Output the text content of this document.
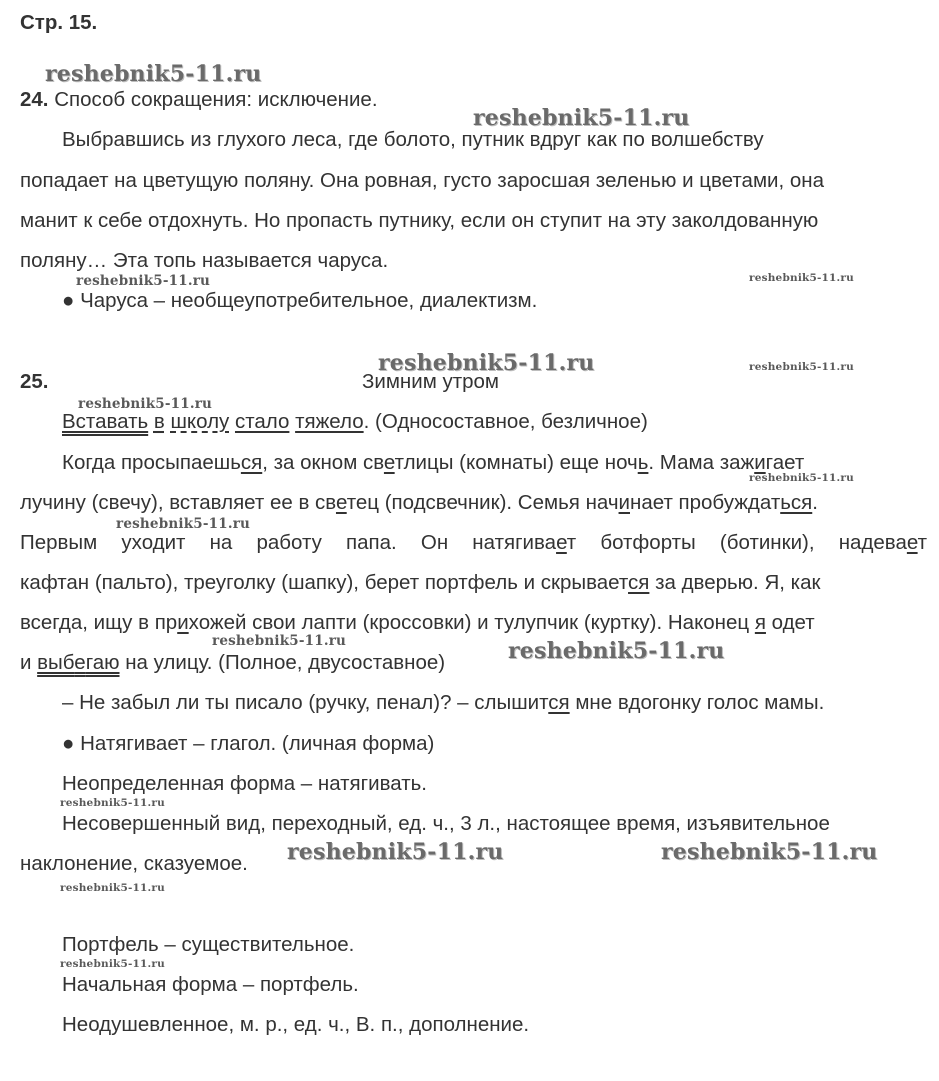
Стр. 15.
24. Способ сокращения: исключение.
Выбравшись из глухого леса, где болото, путник вдруг как по волшебству
попадает на цветущую поляну. Она ровная, густо заросшая зеленью и цветами, она
манит к себе отдохнуть. Но пропасть путнику, если он ступит на эту заколдованную
поляну… Эта топь называется чаруса.
● Чаруса – необщеупотребительное, диалектизм.
25.	Зимним утром
Вставать в школу стало тяжело. (Односоставное, безличное)
Когда просыпаешься, за окном светлицы (комнаты) еще ночь. Мама зажигает
лучину (свечу), вставляет ее в светец (подсвечник). Семья начинает пробуждаться.
Первым уходит на работу папа. Он натягивает ботфорты (ботинки), надевает
кафтан (пальто), треуголку (шапку), берет портфель и скрывается за дверью. Я, как
всегда, ищу в прихожей свои лапти (кроссовки) и тулупчик (куртку). Наконец я одет
и выбегаю на улицу. (Полное, двусоставное)
– Не забыл ли ты писало (ручку, пенал)? – слышится мне вдогонку голос мамы.
● Натягивает – глагол. (личная форма)
Неопределенная форма – натягивать.
Несовершенный вид, переходный, ед. ч., 3 л., настоящее время, изъявительное
наклонение, сказуемое.
Портфель – существительное.
Начальная форма – портфель.
Неодушевленное, м. р., ед. ч., В. п., дополнение.
reshebnik5-11.ru
reshebnik5-11.ru
reshebnik5-11.ru	reshebnik5-11.ru
reshebnik5-11.ru	reshebnik5-11.ru
reshebnik5-11.ru
reshebnik5-11.ru
reshebnik5-11.ru
reshebnik5-11.ru	reshebnik5-11.ru
reshebnik5-11.ru
reshebnik5-11.ru	reshebnik5-11.ru
reshebnik5-11.ru
reshebnik5-11.ru
